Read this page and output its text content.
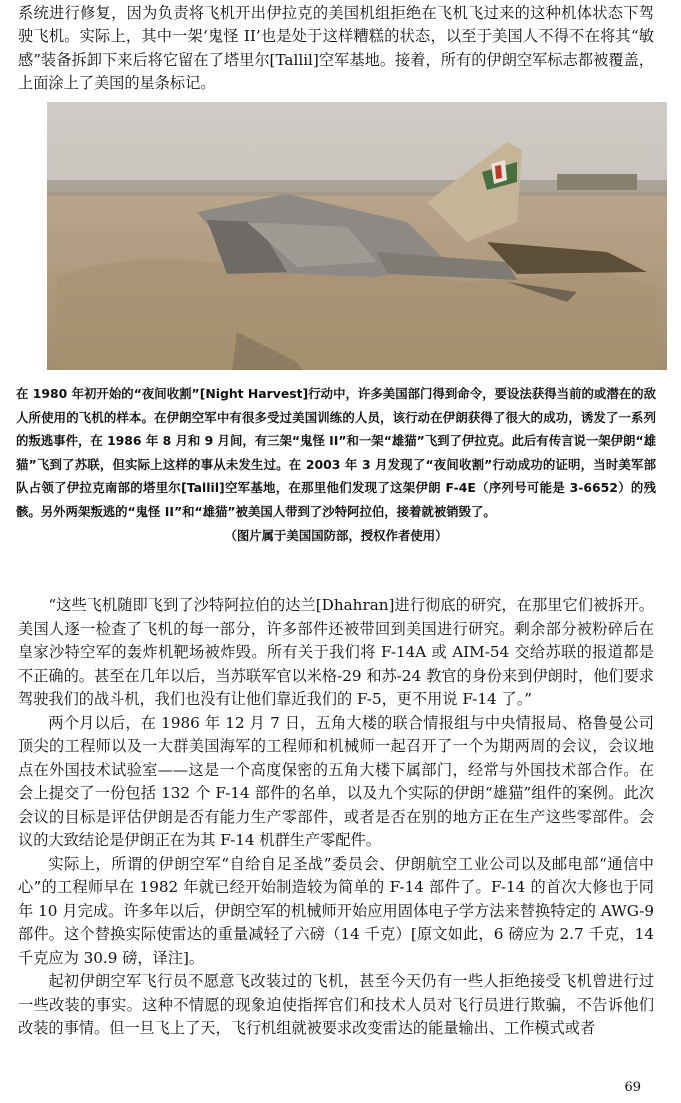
系统进行修复，因为负责将飞机开出伊拉克的美国机组拒绝在飞机飞过来的这种机体状态下驾驶飞机。实际上，其中一架‘鬼怪 II’也是处于这样糟糕的状态，以至于美国人不得不在将其“敏感”装备拆卸下来后将它留在了塔里尔[Tallil]空军基地。接着，所有的伊朗空军标志都被覆盖，上面涂上了美国的星条标记。

在 1980 年初开始的“夜间收割”[Night Harvest]行动中，许多美国部门得到命令，要设法获得当前的或潜在的敌人所使用的飞机的样本。在伊朗空军中有很多受过美国训练的人员，该行动在伊朗获得了很大的成功，诱发了一系列的叛逃事件，在 1986 年 8 月和 9 月间，有三架“鬼怪 II”和一架“雄猫”飞到了伊拉克。此后有传言说一架伊朗“雄猫”飞到了苏联，但实际上这样的事从未发生过。在 2003 年 3 月发现了“夜间收割”行动成功的证明，当时美军部队占领了伊拉克南部的塔里尔[Tallil]空军基地，在那里他们发现了这架伊朗 F-4E（序列号可能是 3-6652）的残骸。另外两架叛逃的“鬼怪 II”和“雄猫”被美国人带到了沙特阿拉伯，接着就被销毁了。
（图片属于美国国防部，授权作者使用）

“这些飞机随即飞到了沙特阿拉伯的达兰[Dhahran]进行彻底的研究，在那里它们被拆开。美国人逐一检查了飞机的每一部分，许多部件还被带回到美国进行研究。剩余部分被粉碎后在皇家沙特空军的轰炸机靶场被炸毁。所有关于我们将 F-14A 或 AIM-54 交给苏联的报道都是不正确的。甚至在几年以后，当苏联军官以米格-29 和苏-24 教官的身份来到伊朗时，他们要求驾驶我们的战斗机，我们也没有让他们靠近我们的 F-5，更不用说 F-14 了。”

两个月以后，在 1986 年 12 月 7 日，五角大楼的联合情报组与中央情报局、格鲁曼公司顶尖的工程师以及一大群美国海军的工程师和机械师一起召开了一个为期两周的会议，会议地点在外国技术试验室——这是一个高度保密的五角大楼下属部门，经常与外国技术部合作。在会上提交了一份包括 132 个 F-14 部件的名单，以及九个实际的伊朗“雄猫”组件的案例。此次会议的目标是评估伊朗是否有能力生产零部件，或者是否在别的地方正在生产这些零部件。会议的大致结论是伊朗正在为其 F-14 机群生产零配件。

实际上，所谓的伊朗空军“自给自足圣战”委员会、伊朗航空工业公司以及邮电部“通信中心”的工程师早在 1982 年就已经开始制造较为简单的 F-14 部件了。F-14 的首次大修也于同年 10 月完成。许多年以后，伊朗空军的机械师开始应用固体电子学方法来替换特定的 AWG-9 部件。这个替换实际使雷达的重量减轻了六磅（14 千克）[原文如此，6 磅应为 2.7 千克，14 千克应为 30.9 磅，译注]。

起初伊朗空军飞行员不愿意飞改装过的飞机，甚至今天仍有一些人拒绝接受飞机曾进行过一些改装的事实。这种不情愿的现象迫使指挥官们和技术人员对飞行员进行欺骗，不告诉他们改装的事情。但一旦飞上了天，飞行机组就被要求改变雷达的能量输出、工作模式或者

69
